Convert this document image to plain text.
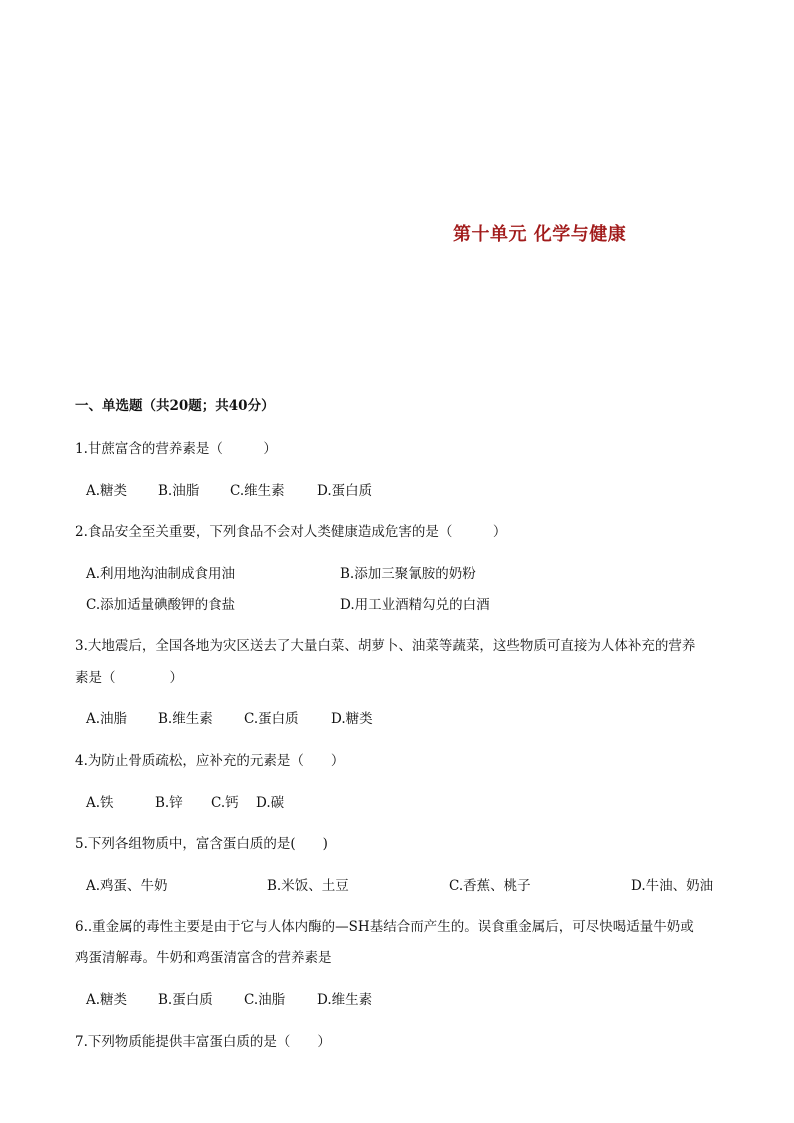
第十单元 化学与健康
一、单选题（共20题；共40分）
1.甘蔗富含的营养素是（　　　）
A.糖类 B.油脂 C.维生素 D.蛋白质
2.食品安全至关重要，下列食品不会对人类健康造成危害的是（　　　）
A.利用地沟油制成食用油	B.添加三聚氰胺的奶粉
C.添加适量碘酸钾的食盐	D.用工业酒精勾兑的白酒
3.大地震后，全国各地为灾区送去了大量白菜、胡萝卜、油菜等蔬菜，这些物质可直接为人体补充的营养
素是（　　　　）
A.油脂 B.维生素 C.蛋白质 D.糖类
4.为防止骨质疏松，应补充的元素是（　　）
A.铁	B.锌 C.钙 D.碳
5.下列各组物质中，富含蛋白质的是(　　)
A.鸡蛋、牛奶	B.米饭、土豆	C.香蕉、桃子	D.牛油、奶油
6..重金属的毒性主要是由于它与人体内酶的—SH基结合而产生的。误食重金属后，可尽快喝适量牛奶或
鸡蛋清解毒。牛奶和鸡蛋清富含的营养素是
A.糖类 B.蛋白质 C.油脂 D.维生素
7.下列物质能提供丰富蛋白质的是（　　）
